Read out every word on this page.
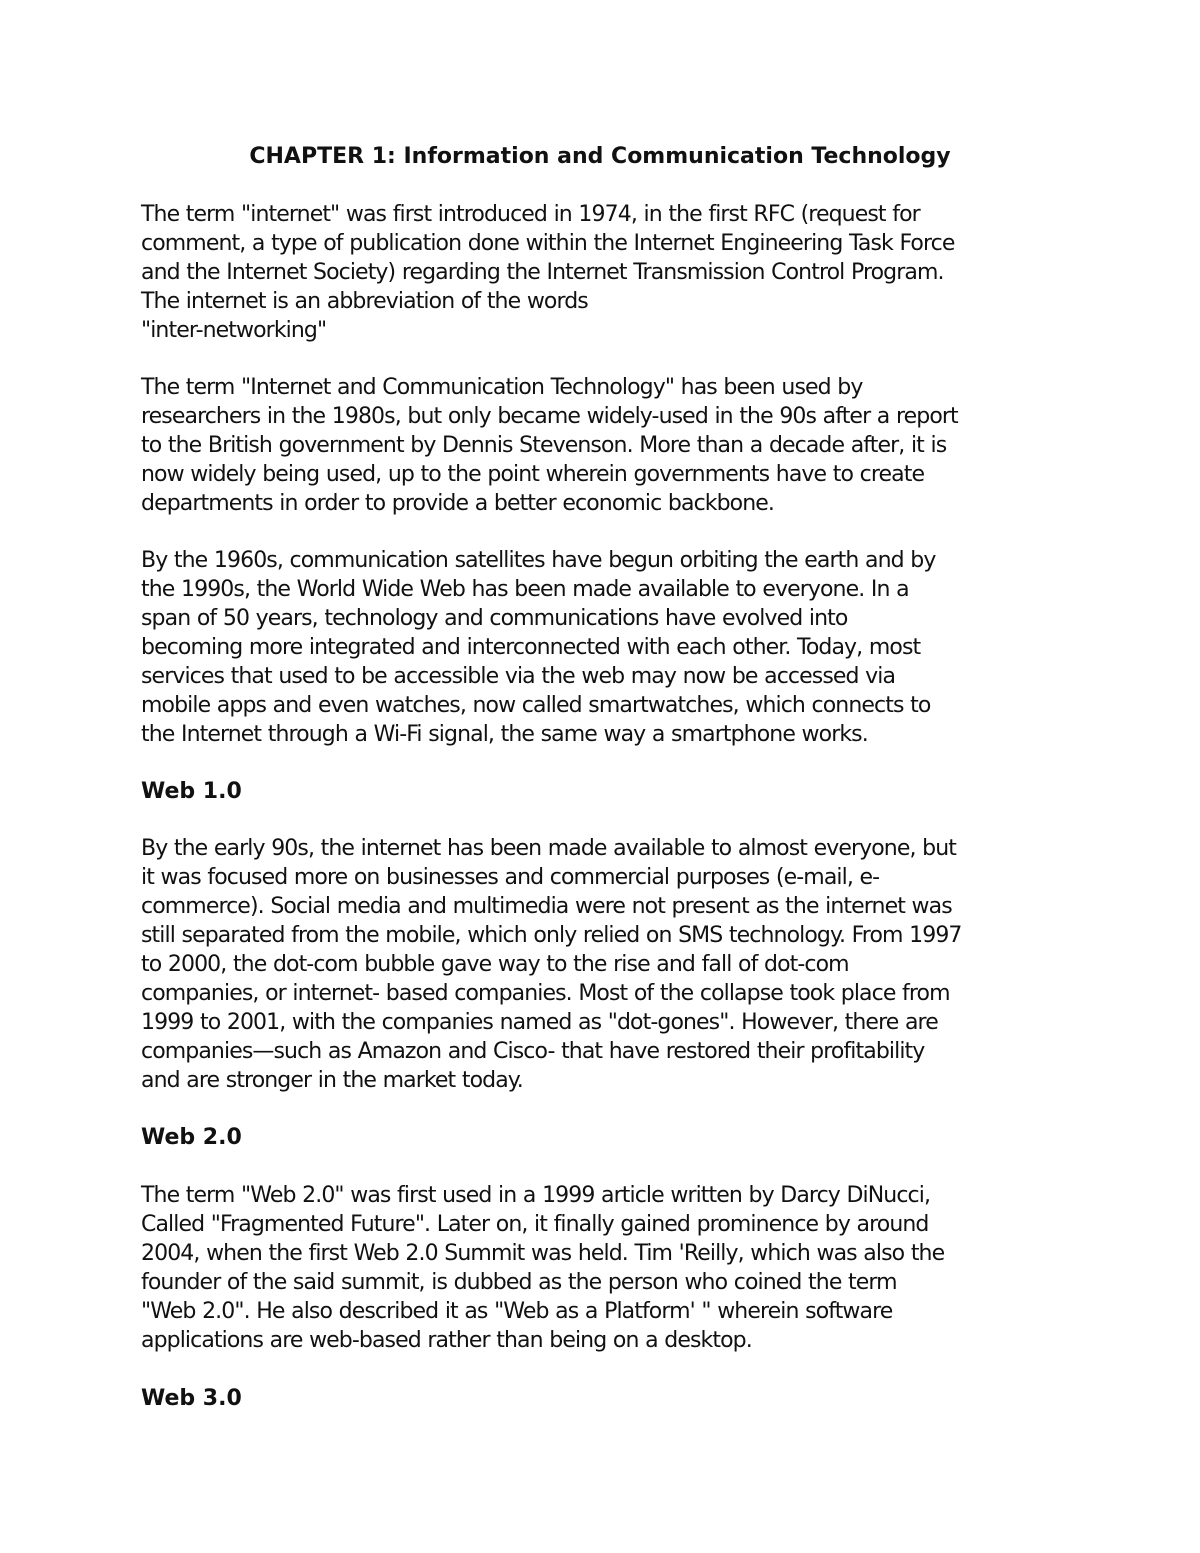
CHAPTER 1: Information and Communication Technology

The term "internet" was first introduced in 1974, in the first RFC (request for
comment, a type of publication done within the Internet Engineering Task Force
and the Internet Society) regarding the Internet Transmission Control Program.
The internet is an abbreviation of the words
"inter-networking"

The term "Internet and Communication Technology" has been used by
researchers in the 1980s, but only became widely-used in the 90s after a report
to the British government by Dennis Stevenson. More than a decade after, it is
now widely being used, up to the point wherein governments have to create
departments in order to provide a better economic backbone.

By the 1960s, communication satellites have begun orbiting the earth and by
the 1990s, the World Wide Web has been made available to everyone. In a
span of 50 years, technology and communications have evolved into
becoming more integrated and interconnected with each other. Today, most
services that used to be accessible via the web may now be accessed via
mobile apps and even watches, now called smartwatches, which connects to
the Internet through a Wi-Fi signal, the same way a smartphone works.

Web 1.0

By the early 90s, the internet has been made available to almost everyone, but
it was focused more on businesses and commercial purposes (e-mail, e-
commerce). Social media and multimedia were not present as the internet was
still separated from the mobile, which only relied on SMS technology. From 1997
to 2000, the dot-com bubble gave way to the rise and fall of dot-com
companies, or internet- based companies. Most of the collapse took place from
1999 to 2001, with the companies named as "dot-gones". However, there are
companies—such as Amazon and Cisco- that have restored their profitability
and are stronger in the market today.

Web 2.0

The term "Web 2.0" was first used in a 1999 article written by Darcy DiNucci,
Called "Fragmented Future". Later on, it finally gained prominence by around
2004, when the first Web 2.0 Summit was held. Tim 'Reilly, which was also the
founder of the said summit, is dubbed as the person who coined the term
"Web 2.0". He also described it as "Web as a Platform' " wherein software
applications are web-based rather than being on a desktop.

Web 3.0
